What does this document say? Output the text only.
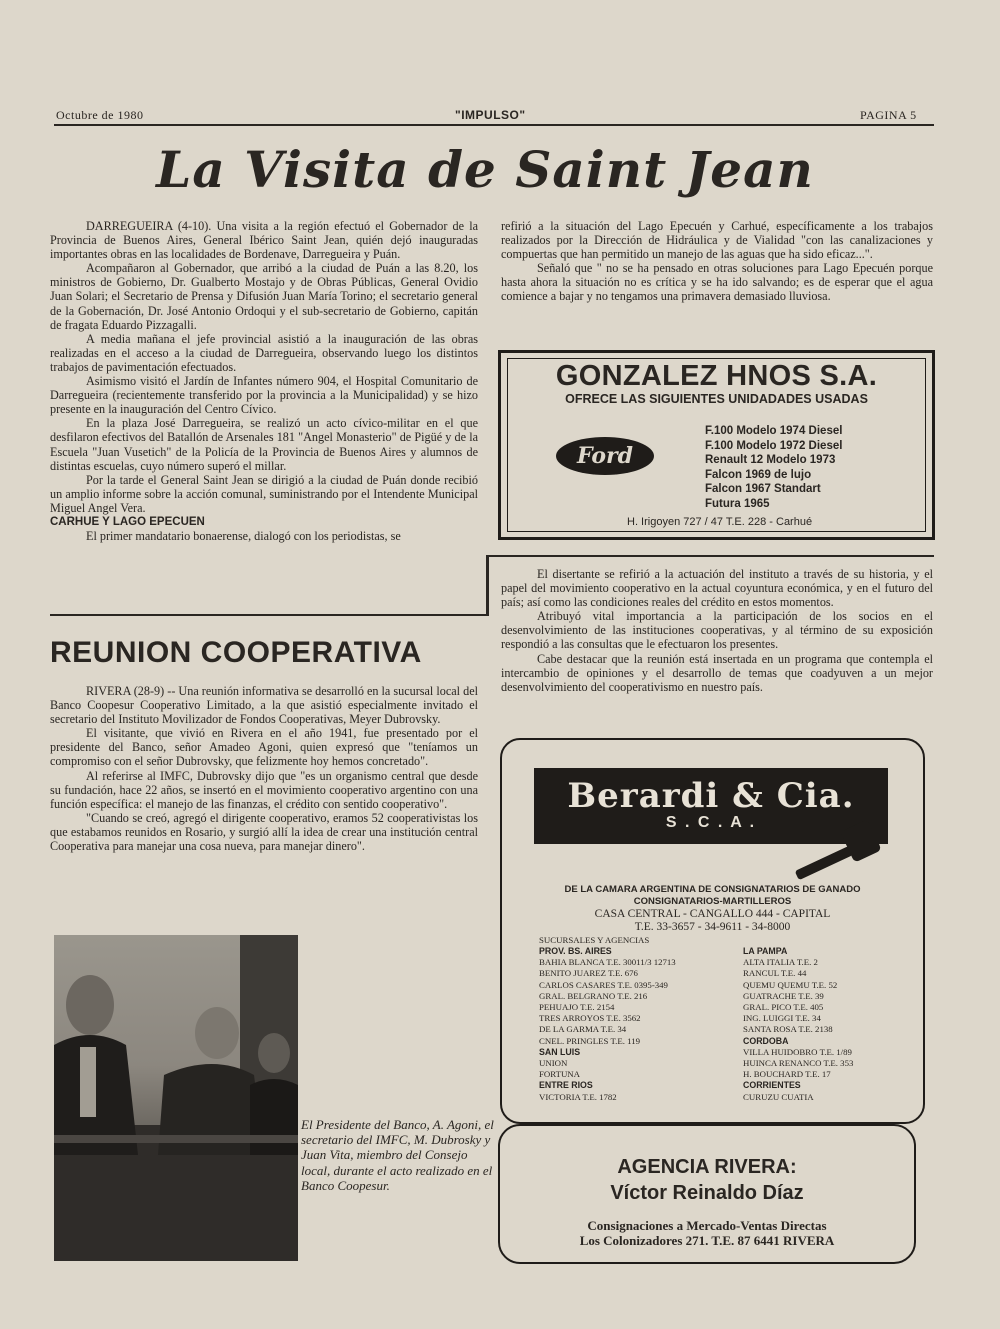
Octubre de 1980	"IMPULSO"	PAGINA 5
La Visita de Saint Jean

DARREGUEIRA (4-10). Una visita a la región efectuó el Gobernador de la Provincia de Buenos Aires, General Ibérico Saint Jean, quién dejó inauguradas importantes obras en las localidades de Bordenave, Darregueira y Puán.

Acompañaron al Gobernador, que arribó a la ciudad de Puán a las 8.20, los ministros de Gobierno, Dr. Gualberto Mostajo y de Obras Públicas, General Ovidio Juan Solari; el Secretario de Prensa y Difusión Juan María Torino; el secretario general de la Gobernación, Dr. José Antonio Ordoqui y el sub-secretario de Gobierno, capitán de fragata Eduardo Pizzagalli.

A media mañana el jefe provincial asistió a la inauguración de las obras realizadas en el acceso a la ciudad de Darregueira, observando luego los distintos trabajos de pavimentación efectuados.

Asimismo visitó el Jardín de Infantes número 904, el Hospital Comunitario de Darregueira (recientemente transferido por la provincia a la Municipalidad) y se hizo presente en la inauguración del Centro Cívico.

En la plaza José Darregueira, se realizó un acto cívico-militar en el que desfilaron efectivos del Batallón de Arsenales 181 "Angel Monasterio" de Pigüé y de la Escuela "Juan Vusetich" de la Policía de la Provincia de Buenos Aires y alumnos de distintas escuelas, cuyo número superó el millar.

Por la tarde el General Saint Jean se dirigió a la ciudad de Puán donde recibió un amplio informe sobre la acción comunal, suministrando por el Intendente Municipal Miguel Angel Vera.

CARHUE Y LAGO EPECUEN

El primer mandatario bonaerense, dialogó con los periodistas, se

refirió a la situación del Lago Epecuén y Carhué, específicamente a los trabajos realizados por la Dirección de Hidráulica y de Vialidad "con las canalizaciones y compuertas que han permitido un manejo de las aguas que ha sido eficaz...".

Señaló que " no se ha pensado en otras soluciones para Lago Epecuén porque hasta ahora la situación no es crítica y se ha ido salvando; es de esperar que el agua comience a bajar y no tengamos una primavera demasiado lluviosa.

GONZALEZ HNOS S.A.
OFRECE LAS SIGUIENTES UNIDADADES USADAS
Ford
F.100 Modelo 1974 Diesel
F.100 Modelo 1972 Diesel
Renault 12 Modelo 1973
Falcon 1969 de lujo
Falcon 1967 Standart
Futura 1965
H. Irigoyen 727 / 47 T.E. 228 - Carhué
REUNION COOPERATIVA

RIVERA (28-9) -- Una reunión informativa se desarrolló en la sucursal local del Banco Coopesur Cooperativo Limitado, a la que asistió especialmente invitado el secretario del Instituto Movilizador de Fondos Cooperativas, Meyer Dubrovsky.

El visitante, que vivió en Rivera en el año 1941, fue presentado por el presidente del Banco, señor Amadeo Agoni, quien expresó que "teníamos un compromiso con el señor Dubrovsky, que felizmente hoy hemos concretado".

Al referirse al IMFC, Dubrovsky dijo que "es un organismo central que desde su fundación, hace 22 años, se insertó en el movimiento cooperativo argentino con una función específica: el manejo de las finanzas, el crédito con sentido cooperativo".

"Cuando se creó, agregó el dirigente cooperativo, eramos 52 cooperativistas los que estabamos reunidos en Rosario, y surgió allí la idea de crear una institución central Cooperativa para manejar una cosa nueva, para manejar dinero".

El disertante se refirió a la actuación del instituto a través de su historia, y el papel del movimiento cooperativo en la actual coyuntura económica, y en el futuro del país; así como las condiciones reales del crédito en estos momentos.

Atribuyó vital importancia a la participación de los socios en el desenvolvimiento de las instituciones cooperativas, y al término de su exposición respondió a las consultas que le efectuaron los presentes.

Cabe destacar que la reunión está insertada en un programa que contempla el intercambio de opiniones y el desarrollo de temas que coadyuven a un mejor desenvolvimiento del cooperativismo en nuestro país.

El Presidente del Banco, A. Agoni, el secretario del IMFC, M. Dubrosky y Juan Vita, miembro del Consejo local, durante el acto realizado en el Banco Coopesur.
Berardi & Cia.
S . C . A .
DE LA CAMARA ARGENTINA DE CONSIGNATARIOS DE GANADO
CONSIGNATARIOS-MARTILLEROS
CASA CENTRAL - CANGALLO 444 - CAPITAL
T.E. 33-3657 - 34-9611 - 34-8000
SUCURSALES Y AGENCIAS
PROV. BS. AIRES
BAHIA BLANCA T.E. 30011/3 12713
BENITO JUAREZ T.E. 676
CARLOS CASARES T.E. 0395-349
GRAL. BELGRANO T.E. 216
PEHUAJO T.E. 2154
TRES ARROYOS T.E. 3562
DE LA GARMA T.E. 34
CNEL. PRINGLES T.E. 119
SAN LUIS
UNION
FORTUNA
ENTRE RIOS
VICTORIA T.E. 1782
LA PAMPA
ALTA ITALIA T.E. 2
RANCUL T.E. 44
QUEMU QUEMU T.E. 52
GUATRACHE T.E. 39
GRAL. PICO T.E. 405
ING. LUIGGI T.E. 34
SANTA ROSA T.E. 2138
CORDOBA
VILLA HUIDOBRO T.E. 1/89
HUINCA RENANCO T.E. 353
H. BOUCHARD T.E. 17
CORRIENTES
CURUZU CUATIA
AGENCIA RIVERA:
Víctor Reinaldo Díaz
Consignaciones a Mercado-Ventas Directas
Los Colonizadores 271. T.E. 87 6441 RIVERA
